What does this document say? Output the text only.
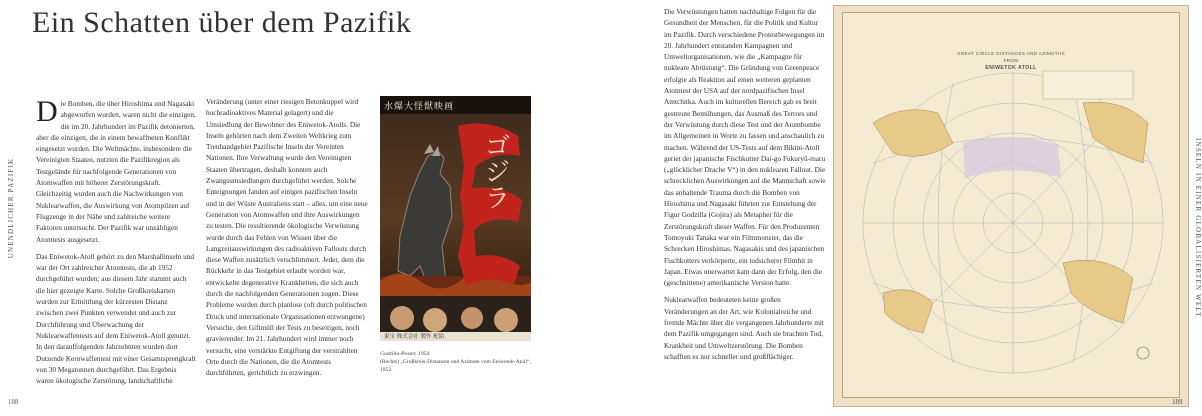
Ein Schatten über dem Pazifik
UNENDLICHER PAZIFIK
188

Die Bomben, die über Hiroshima und Nagasaki abgeworfen wurden, waren nicht die einzigen, die im 20. Jahrhundert im Pazifik detonierten, aber die einzigen, die in einem bewaffneten Konflikt eingesetzt wurden. Die Weltmächte, insbesondere die Vereinigten Staaten, nutzten die Pazifikregion als Testgelände für nachfolgende Generationen von Atomwaffen mit höherer Zerstörungskraft. Gleichzeitig wurden auch die Nachwirkungen von Nuklearwaffen, die Auswirkung von Atompilzen auf Flugzeuge in der Nähe und zahlreiche weitere Faktoren untersucht. Der Pazifik war unzähligen Atomtests ausgesetzt.

Das Eniwetok-Atoll gehört zu den Marshallinseln und war der Ort zahlreicher Atomtests, die ab 1952 durchgeführt wurden; aus diesem Jahr stammt auch die hier gezeigte Karte. Solche Großkreiskarten wurden zur Ermittlung der kürzesten Distanz zwischen zwei Punkten verwendet und auch zur Durchführung und Überwachung der Nuklearwaffentests auf dem Eniwetok-Atoll genutzt. In den darauffolgenden Jahrzehnten wurden dort Dutzende Kernwaffentest mit einer Gesamtsprengkraft von 30 Megatonnen durchgeführt. Das Ergebnis waren ökologische Zerstörung, landschaftliche

Veränderung (unter einer riesigen Betonkuppel wird hochradioaktives Material gelagert) und die Umsiedlung der Bewohner des Eniwetok-Atolls. Die Inseln gehörten nach dem Zweiten Weltkrieg zum Treuhandgebiet Pazifische Inseln der Vereinten Nationen. Ihre Verwaltung wurde den Vereinigten Staaten übertragen, deshalb konnten auch Zwangsumsiedlungen durchgeführt werden. Solche Enteignungen fanden auf einigen pazifischen Inseln und in der Wüste Australiens statt – alles, um eine neue Generation von Atomwaffen und ihre Auswirkungen zu testen. Die resultierende ökologische Verwüstung wurde durch das Fehlen von Wissen über die Langzeitauswirkungen des radioaktiven Fallouts durch diese Waffen zusätzlich verschlimmert. Jeder, dem die Rückkehr in das Testgebiet erlaubt worden war, entwickelte degenerative Krankheiten, die sich auch durch die nachfolgenden Generationen zogen. Diese Probleme wurden durch planlose (oft durch politischen Druck und internationale Organisationen erzwungene) Versuche, den Giftmüll der Tests zu beseitigen, noch gravierender. Im 21. Jahrhundert wird immer noch versucht, eine verstärkte Entgiftung der verstrahlten Orte durch die Nationen, die die Atomtests durchführten, gerichtlich zu erzwingen.

水爆大怪獣映画
ゴジラ
東宝 株式会社 製作 配給
Godzilla-Poster, 1954.
(Rechts) „Großkreis-Distanzen und Azimute vom Eniwetok-Atoll“, 1952.

Die Verwüstungen hatten nachhaltige Folgen für die Gesundheit der Menschen, für die Politik und Kultur im Pazifik. Durch verschiedene Protestbewegungen im 20. Jahrhundert entstanden Kampagnen und Umweltorganisationen, wie die „Kampagne für nukleare Abrüstung“. Die Gründung von Greenpeace erfolgte als Reaktion auf einen weiteren geplanten Atomtest der USA auf der nordpazifischen Insel Amtchitka. Auch im kulturellen Bereich gab es breit gestreute Bemühungen, das Ausmaß des Terrors und der Verwüstung durch diese Test und der Atombombe im Allgemeinen in Worte zu fassen und anschaulich zu machen. Während der US-Tests auf dem Bikini-Atoll geriet der japanische Fischkutter Dai-go Fukuryū-maru („glücklicher Drache V“) in den nuklearen Fallout. Die schrecklichen Auswirkungen auf die Mannschaft sowie das anhaltende Trauma durch die Bomben von Hiroshima und Nagasaki führten zur Entstehung der Figur Godzilla (Gojira) als Metapher für die Zerstörungskraft dieser Waffen. Für den Produzenten Tomoyuki Tanaka war ein Filmmonster, das die Schrecken Hiroshimas, Nagasakis und des japanischen Fischkutters verkörperte, ein todsicherer Filmhit in Japan. Etwas unerwartet kam dann der Erfolg, den die (geschnittene) amerikanische Version hatte.

Nuklearwaffen bedeuteten keine großen Veränderungen an der Art, wie Kolonialreiche und fremde Mächte über die vergangenen Jahrhunderte mit dem Pazifik umgegangen sind. Auch sie brachten Tod, Krankheit und Umweltzerstörung. Die Bomben schafften es nur schneller und großflächiger.

GREAT CIRCLE DISTANCES AND AZIMUTHS
FROM
ENIWETOK ATOLL
INSELN IN EINER GLOBALISIERTEN WELT
189
